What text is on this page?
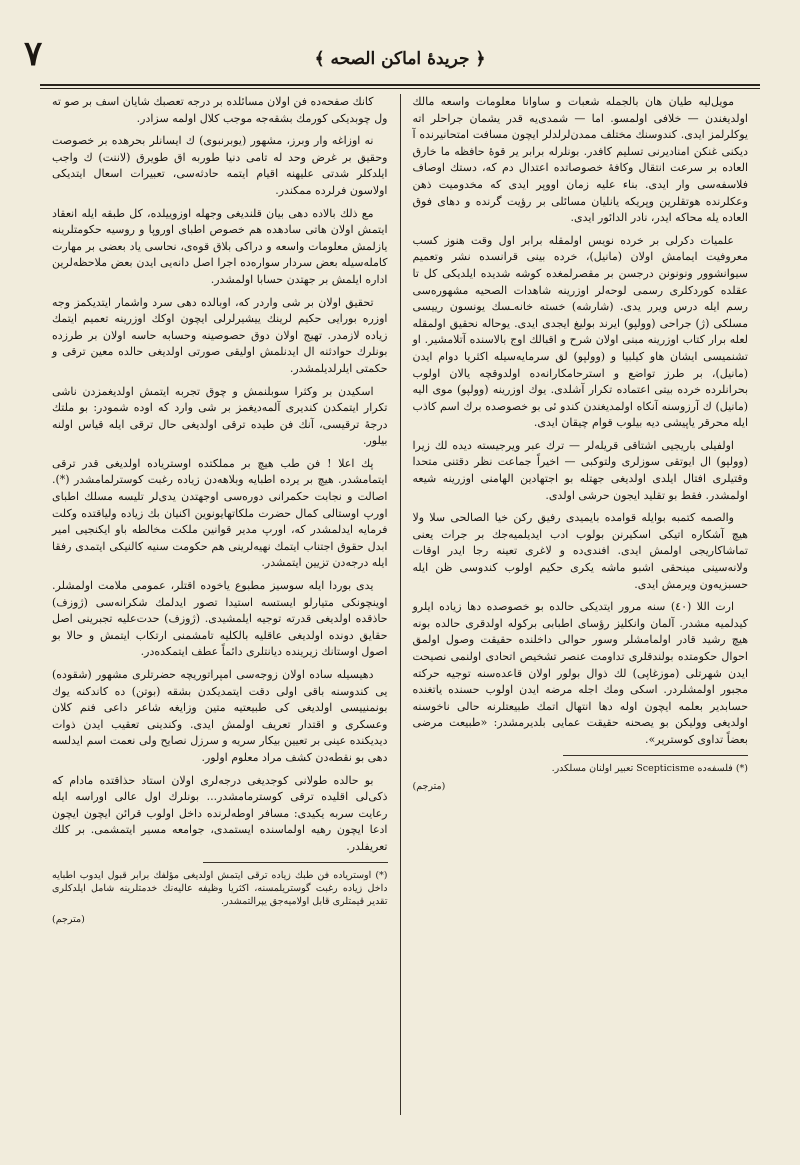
٧	﴿ جريدهٔ اماكن الصحه ﴾

مویل‌لیه طیان هان بالجمله شعبات و ساوانا معلومات واسعه مالك اولدیغندن — خلافی اولمسو. اما — شمدی‌یه قدر یشمان جراحلر اته یوكلرلمز ایدی. كندوسنك مختلف ممدن‌لرلدلر ایچون مسافت امتحانیرنده آ دیكنی غنكن امنادیرنی تسلیم كافدر. بونلرله برابر یر قوهٔ حافظه ما خارق العاده بر سرعت انتقال وكافهٔ خصوصاتده اعتدال دم كه، دستك اوصاف فلاسفه‌سی وار ایدی. بناء علیه زمان اووپر ایدی كه مخدومیت ذهن وعكلرنده هوتقلرین وپریكه یانلیان مسائلی بر رؤیت گرنده و دهای فوق العاده یله محاكه ایدر، نادر الدائور ایدی.

علمیات دكرلی بر خرده نویس اولمقله برابر اول وقت هنوز كسب معروفیت ایمامش اولان (مانیل)، خرده بینی قرانسده نشر وتعمیم سیوانشوور ونونونن درجسن بر مقصرلمغده كوشه شدیده ایلدیكی كل تا عقلده كوردكلری رسمی لوحه‌لر اوزرینه شاهدات الصحیه مشهوره‌سی رسم ایله درس ویرر یدی. (شارشه) خسته خانه‌ـسك یونسون رییسی مسلكی (ژ) جراحی (وولپو) ایرند بولیغ ایجدی ایدی. یوحاله نحقیق اولمقله لعله برار كتاب اوزرینه مبنی اولان شرح و اقبالك اوج بالاسنده آتلامشیر. او تشنمیسی ایشان هاو كیلبیا و (وولپو) لق سرمایه‌سیله اكثریا دوام ایدن (مانیل)، بر طرز تواضع و استرحامكارانه‌ده اولدوقچه یالان اولوب بحرانلرده خرده بیتی اعتماده تكرار آشلدی. یوك اوزرینه (وولپو) موی الیه (مانیل) ك آرزوسنه آنكاه اولمدیغندن كندو ئی بو خصوصده برك اسم كاذب ایله محرقر یاپیشی دیه بیلوب قوام چیقان ایدی.

اولفیلی باریجیی اشتاقی قریله‌لر — ترك عبر ویرجیسته دیده لك زیرا (وولپو) ال ایوتقی سوزلری ولتوكبی — اخیراً جماعت نظر دقتنی متحدا وقتیلری افتال ایلدی اولدیغی جهتله بو اجتهادین الهامنی اوزرینه شیعه اولمشدر. فقط بو تقلید ایجون حرشی اولدی.

والصمه كتمبه بوایله قوامده بایمیدی رفیق ركن خیا الصالحی سلا ولا هیچ آشكاره اتیكی اسكیرنن بولوب ادب ایدیلمیه‌جك بر جرات یعنی تماشاكاریجی اولمش ایدی. افندی‌ده و لاغری تعینه رجا ایدر اوقات ولانه‌سینی مینحقی اشبو ماشه‌ یكری حكیم اولوب كندوسی ظن ایله حسبزیه‌ون ویرمش ایدی.

ارت اللا (٤٠) سنه مرور ایتدیكی حالده بو خصوصده دها زیاده ایلرو كیدلمیه مشدر. آلمان وانكلیز رؤسای اطبابی بركوله اولدقری حالده بونه هیچ رشید قادر اولمامشلر وسور حوالی داخلنده حقیقت وصول اولمق احوال حكومتده بولندقلری تداومت عنصر تشخیص اتحادی اولنمی نصیحت ایدن شهرتلی (موزغاپی) لك ذوال بولور اولان قاعده‌سنه توجیه حركته مجبور اولمشلردر. اسکی ومك اجله مرضه ایدن اولوب حسنده یاتغنده حسابدیر بعلمه ایچون اوله دها انتهال اتمك طبیعتلرنه حالی ناخوسنه اولدیغی وولیكن بو یصحنه حقیقت عمایی بلدیرمشدر: «طبیعت مرضی بعضاً تداوی كوستریر».

(*) فلسفه‌ده Scepticisme تعبیر اولنان مسلكدر.
(مترجم)

كانك صفحه‌ده فن اولان مسائلده بر درجه تعصبك شایان اسف بر صو ته ول چوبدیكی كورمك بشقه‌جه موجب كلال اولمه سزادر.

نه اوزاغه وار وبرز، مشهور (یوبرنبوی) ك ایسانلر بحرهده بر خصوصت وحقیق بر غرض وحد له تامی دنیا طوربه اق طویرق (لاننت) ك واجب ایلدكلر شدتی علیهنه اقیام ایتمه حادثه‌سی، تعبیرات اسعال ایتدیكی اولاسون فرلرده ممكندر.

مع ذلك بالاده دهی بیان قلندیغی وجهله اوزوییلده، كل طبقه ایله انعقاد ایتمش اولان هاتی سادهده هم خصوص اطبای اوروپا و روسیه حكومتلرینه یازلمش معلومات واسعه و دراكی بلاق قوه‌ی، نحاسی یاد بعضی بر مهارت كامله‌سیله بعض سردار سواره‌ده اجرا اصل دانه‌یی ایدن بعض ملاحظه‌لرین اداره ایلمش بر جهتدن حسابا اولمشدر.

تحقیق اولان بر شی واردر كه، اوبالده دهی سرد واشمار ایتدیكمز وجه اوزره بورایی حكیم لرینك ییشیرلرلی ایچون اوكك اوزرینه تعمیم ایتمك زیاده لازمدر. تهیج اولان دوق حصوصینه وحسابه حاسه اولان بر طرزده بونلرك حوادثنه ال ایدنلمش اولیقی صورتی اولدیغی حالده معین ترقی و حكمتی ایلرلدیلمشدر.

اسكیدن بر وكثرا سوبلنمش و چوق تجربه ایتمش اولدیغمزدن ناشی تكرار ایتمكدن كندیری آلمه‌دیغمز بر شی وارد كه اوده شمودر: بو ملتك درجهٔ ترقیسی، آنك فن طیده ترقی اولدیغی حال ترقی ایله قیاس اولنه بیلور.

پك اعلا ! فن طب هیچ بر مملكتده اوستریاده اولدیغی قدر ترقی ایتمامشدر. هیچ بر یرده اطبایه وبلاهه‌دن زیاده رغبت كوسترلمامشدر (*). اصالت و نجابت حكمرانی دوره‌سی اوجهتدن یدی‌لر تلیسه مسلك اطبای اورپ اوستالی كمال حضرت ملكاتهایونوین اكنیان بك زیاده ولیاقتده وكلت فرمایه ایدلمشدر كه، اورپ مدیر قوانین ملكت مخالطه باو ایكنجیی امیر ابدل حقوق اجتناب ایتمك نهیه‌لرینی هم حكومت سنیه كالنیكی ایتمدی رفقا ایله درجه‌دن تزیین ایتمشدر.

یدی بوردا ایله سوسیز مطبوع یاخوده اقتلر، عمومی ملامت اولمشلر. اوینچونكی متیارلو ایستسه استیدا تصور ایدلمك شكرانه‌سی (ژوزف) حاذقده اولدیغی قدرته توجیه ایلمشیدی. (ژوزف) حدت‌علیه تجبرینی اصل حقایق دونده اولدیغی عاقلیه بالكلیه تامشمنی ارتكاب ایتمش و حالا بو اصول اوستانك زیرینده دیانتلری دائماً عطف ایتمكده‌در.

دهیسیله ساده اولان زوجه‌سی امپراتوریچه حضرتلری مشهور (شقوده) یی كندوسنه باقی اولی دقت ایتمدیكدن بشقه (بوتن) ده كاندكنه یوك بونمنییسی اولدیغی كی طبیعتیه متین وزایغه شاعر داعی فنم كلان وعسكری و اقتدار تعریف اولمش ایدی. وكندینی تعقیب ایدن ذوات دیدیكنده عینی بر تعیین بیكار سریه و سرزل نصایح ولی‌ نعمت اسم ایدلسه دهی بو نقطه‌دن كشف مراد معلوم اولور.

بو حالده طولانی كوجدیغی درجه‌لری اولان استاد حذاقتده مادام كه ذكی‌لی اقلیده ترقی كوسترمامشدر... بونلرك اول عالی اوراسه ایله رعایت سربه یكیدی: مسافر اوطه‌لرنده داخل اولوب قرائن ایچون ایچون ادعا ایچون رهیه اولماسنده ایستمدی، جوامعه مسیر ایتمشمی. بر كلك تعریفلدر.

(*) اوستریاده فن طبك زیاده ترقی ایتمش اولدیغی مؤلفك برابر قبول ایدوب اطبایه داخل زیاده رغبت گوستریلمسنه، اكثریا وظیفه عالیه‌نك خدمتلرینه شامل ایلدكلری تقدیر قیمتلری قابل اولامیه‌جق یپرالتمشدر.
(مترجم)
